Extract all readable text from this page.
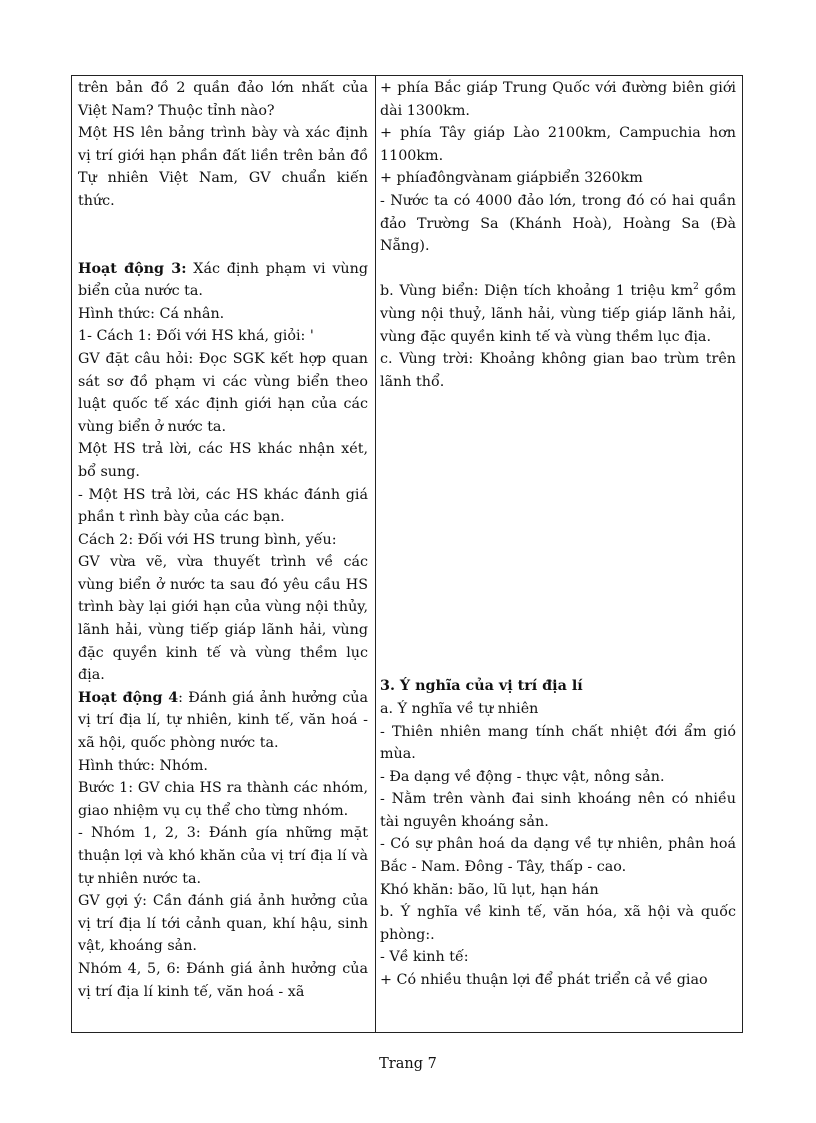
trên bản đồ 2 quần đảo lớn nhất của Việt Nam? Thuộc tỉnh nào?

Một HS lên bảng trình bày và xác định vị trí giới hạn phần đất liền trên bản đồ Tự nhiên Việt Nam, GV chuẩn kiến thức.

Hoạt động 3: Xác định phạm vi vùng biển của nước ta.

Hình thức: Cá nhân.

1- Cách 1: Đối với HS khá, giỏi: '

GV đặt câu hỏi: Đọc SGK kết hợp quan sát sơ đồ phạm vi các vùng biển theo luật quốc tế xác định giới hạn của các vùng biển ở nước ta.

Một HS trả lời, các HS khác nhận xét, bổ sung.

- Một HS trả lời, các HS khác đánh giá phần t rình bày của các bạn.

Cách 2: Đối với HS trung bình, yếu:

GV vừa vẽ, vừa thuyết trình về các vùng biển ở nước ta sau đó yêu cầu HS trình bày lại giới hạn của vùng nội thủy, lãnh hải, vùng tiếp giáp lãnh hải, vùng đặc quyền kinh tế và vùng thềm lục địa.

Hoạt động 4: Đánh giá ảnh hưởng của vị trí địa lí, tự nhiên, kinh tế, văn hoá - xã hội, quốc phòng nước ta.

Hình thức: Nhóm.

Bước 1: GV chia HS ra thành các nhóm, giao nhiệm vụ cụ thể cho từng nhóm.

- Nhóm 1, 2, 3: Đánh gía những mặt thuận lợi và khó khăn của vị trí địa lí và tự nhiên nước ta.

GV gợi ý: Cần đánh giá ảnh hưởng của vị trí địa lí tới cảnh quan, khí hậu, sinh vật, khoáng sản.

Nhóm 4, 5, 6: Đánh giá ảnh hưởng của vị trí địa lí kinh tế, văn hoá - xã

+ phía Bắc giáp Trung Quốc với đường biên giới dài 1300km.

+ phía Tây giáp Lào 2100km, Campuchia hơn 1100km.

+ phíađôngvànam giápbiển 3260km

- Nước ta có 4000 đảo lớn, trong đó có hai quần đảo Trường Sa (Khánh Hoà), Hoàng Sa (Đà Nẵng).

b. Vùng biển: Diện tích khoảng 1 triệu $km^2$ gồm vùng nội thuỷ, lãnh hải, vùng tiếp giáp lãnh hải, vùng đặc quyền kinh tế và vùng thềm lục địa.

c. Vùng trời: Khoảng không gian bao trùm trên lãnh thổ.

3. Ý nghĩa của vị trí địa lí

a. Ý nghĩa về tự nhiên

- Thiên nhiên mang tính chất nhiệt đới ẩm gió mùa.

- Đa dạng về động - thực vật, nông sản.

- Nằm trên vành đai sinh khoáng nên có nhiều tài nguyên khoáng sản.

- Có sự phân hoá da dạng về tự nhiên, phân hoá Bắc - Nam. Đông - Tây, thấp - cao.

Khó khăn: bão, lũ lụt, hạn hán

b. Ý nghĩa về kinh tế, văn hóa, xã hội và quốc phòng:.

- Về kinh tế:

+ Có nhiều thuận lợi để phát triển cả về giao

Trang 7
